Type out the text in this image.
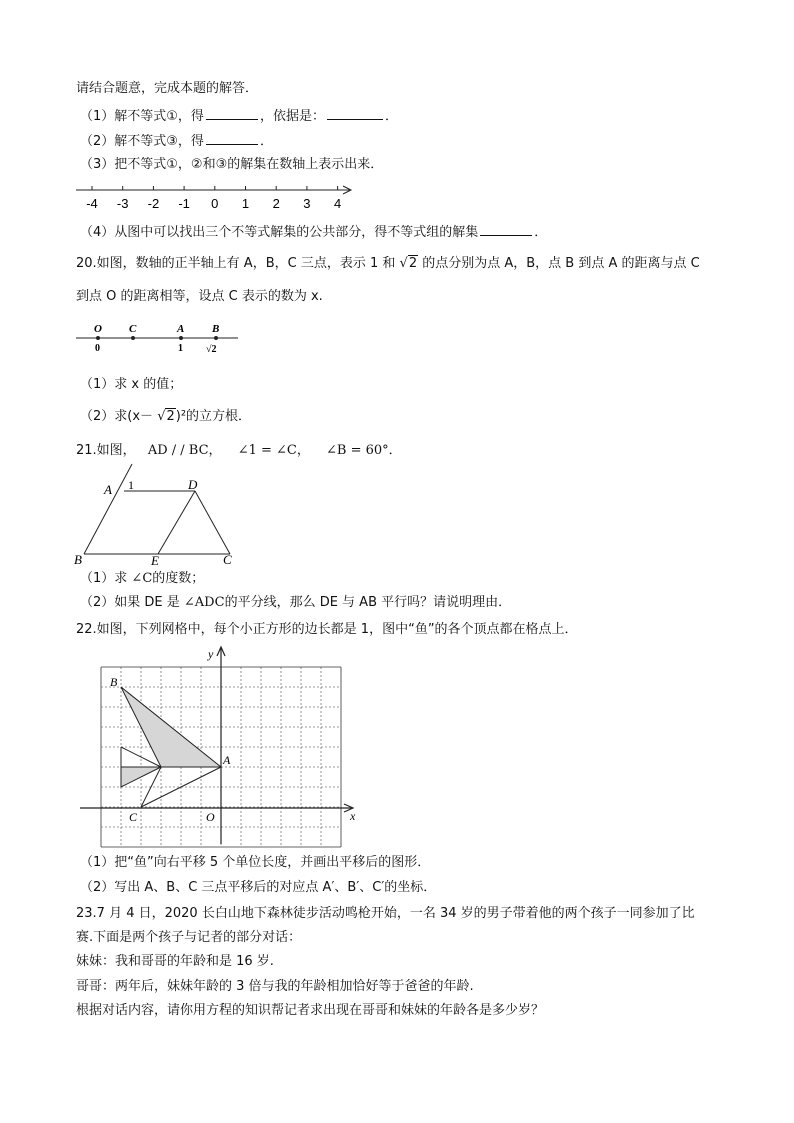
请结合题意，完成本题的解答．
（1）解不等式①，得	，依据是：	．
（2）解不等式③，得	．
（3）把不等式①，②和③的解集在数轴上表示出来．
-4 -3 -2 -1 0 1 2 3 4
（4）从图中可以找出三个不等式解集的公共部分，得不等式组的解集	．
20.如图，数轴的正半轴上有 A，B，C 三点，表示 1 和 √2 的点分别为点 A，B，点 B 到点 A 的距离与点 C
到点 O 的距离相等，设点 C 表示的数为 x.
O C	A	B
0	1 √2
（1）求 x 的值；
（2）求(x－ √2)²的立方根．
21.如图， AD / / BC， ∠1 = ∠C， ∠B = 60°．
A 1	D
B	E	C
（1）求 ∠C的度数；
（2）如果 DE 是 ∠ADC的平分线，那么 DE 与 AB 平行吗？请说明理由．
22.如图，下列网格中，每个小正方形的边长都是 1，图中“鱼”的各个顶点都在格点上．
B
A
C	O
y
x
（1）把“鱼”向右平移 5 个单位长度，并画出平移后的图形．
（2）写出 A、B、C 三点平移后的对应点 A′、B′、C′的坐标．
23.7 月 4 日，2020 长白山地下森林徒步活动鸣枪开始，一名 34 岁的男子带着他的两个孩子一同参加了比
赛.下面是两个孩子与记者的部分对话：
妹妹：我和哥哥的年龄和是 16 岁.
哥哥：两年后，妹妹年龄的 3 倍与我的年龄相加恰好等于爸爸的年龄.
根据对话内容，请你用方程的知识帮记者求出现在哥哥和妹妹的年龄各是多少岁？
